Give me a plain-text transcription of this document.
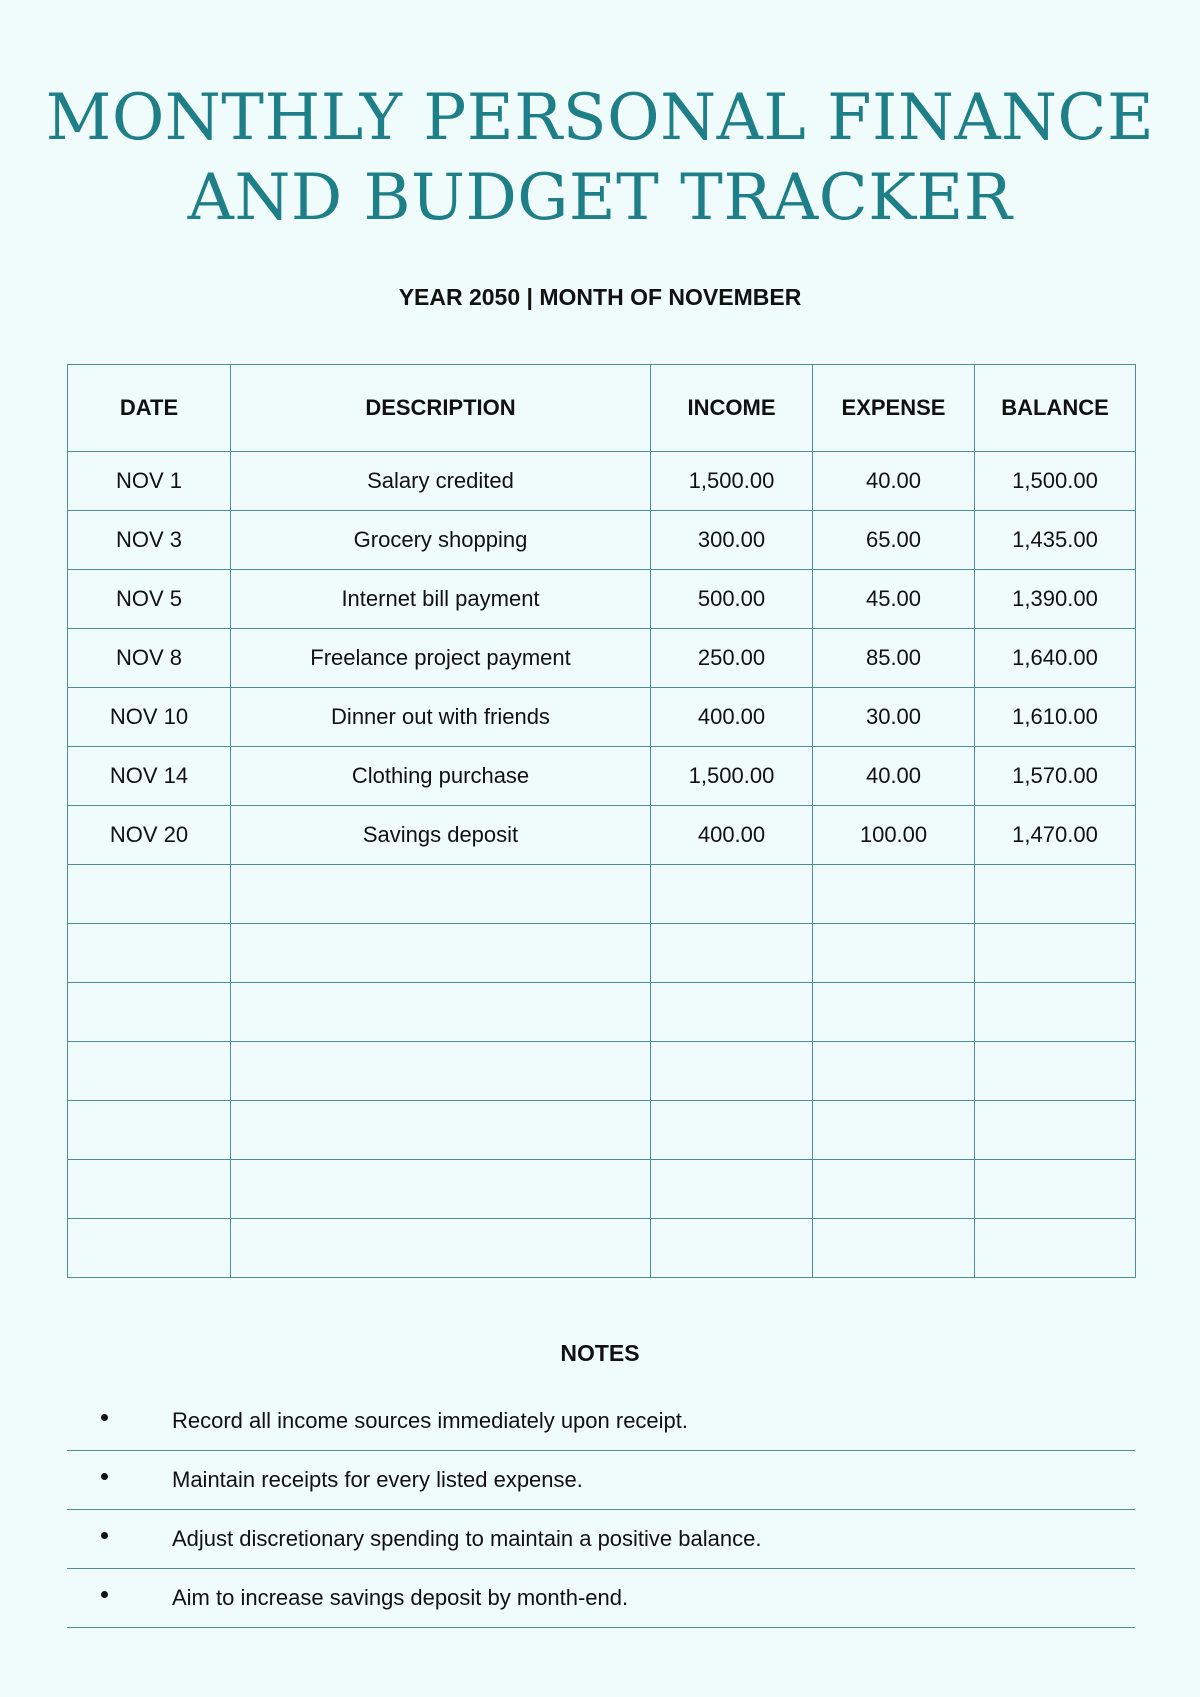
MONTHLY PERSONAL FINANCE
AND BUDGET TRACKER
YEAR 2050 | MONTH OF NOVEMBER
DATE	DESCRIPTION	INCOME	EXPENSE	BALANCE
NOV 1	Salary credited	1,500.00	40.00	1,500.00
NOV 3	Grocery shopping	300.00	65.00	1,435.00
NOV 5	Internet bill payment	500.00	45.00	1,390.00
NOV 8	Freelance project payment	250.00	85.00	1,640.00
NOV 10	Dinner out with friends	400.00	30.00	1,610.00
NOV 14	Clothing purchase	1,500.00	40.00	1,570.00
NOV 20	Savings deposit	400.00	100.00	1,470.00

NOTES
Record all income sources immediately upon receipt.
Maintain receipts for every listed expense.
Adjust discretionary spending to maintain a positive balance.
Aim to increase savings deposit by month-end.
